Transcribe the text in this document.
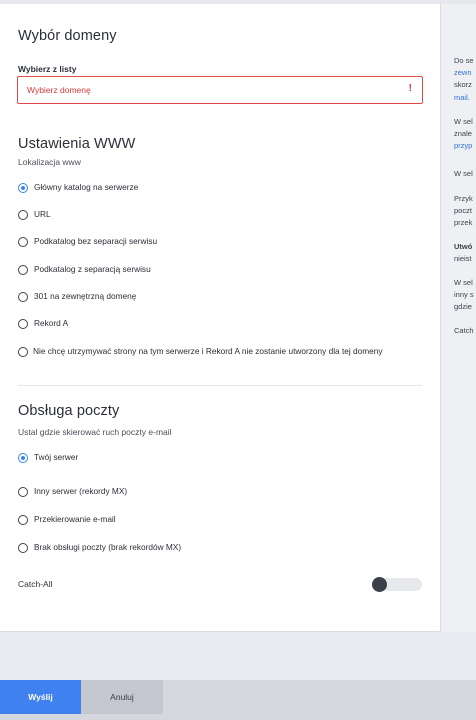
Wybór domeny
Wybierz z listy
Wybierz domenę	!
Ustawienia WWW
Lokalizacja www
Główny katalog na serwerze
URL
Podkatalog bez separacji serwisu
Podkatalog z separacją serwisu
301 na zewnętrzną domenę
Rekord A
Nie chcę utrzymywać strony na tym serwerze i Rekord A nie zostanie utworzony dla tej domeny
Obsługa poczty
Ustal gdzie skierować ruch poczty e-mail
Twój serwer
Inny serwer (rekordy MX)
Przekierowanie e-mail
Brak obsługi poczty (brak rekordów MX)
Catch-All

Do se

zewn

skorz

mail.

W sel

znale

przyp

W sel

Przyk

poczt

przek

Utwó

nieist

W sel

inny s

gdzie

Catch

Wyślij	Anuluj
